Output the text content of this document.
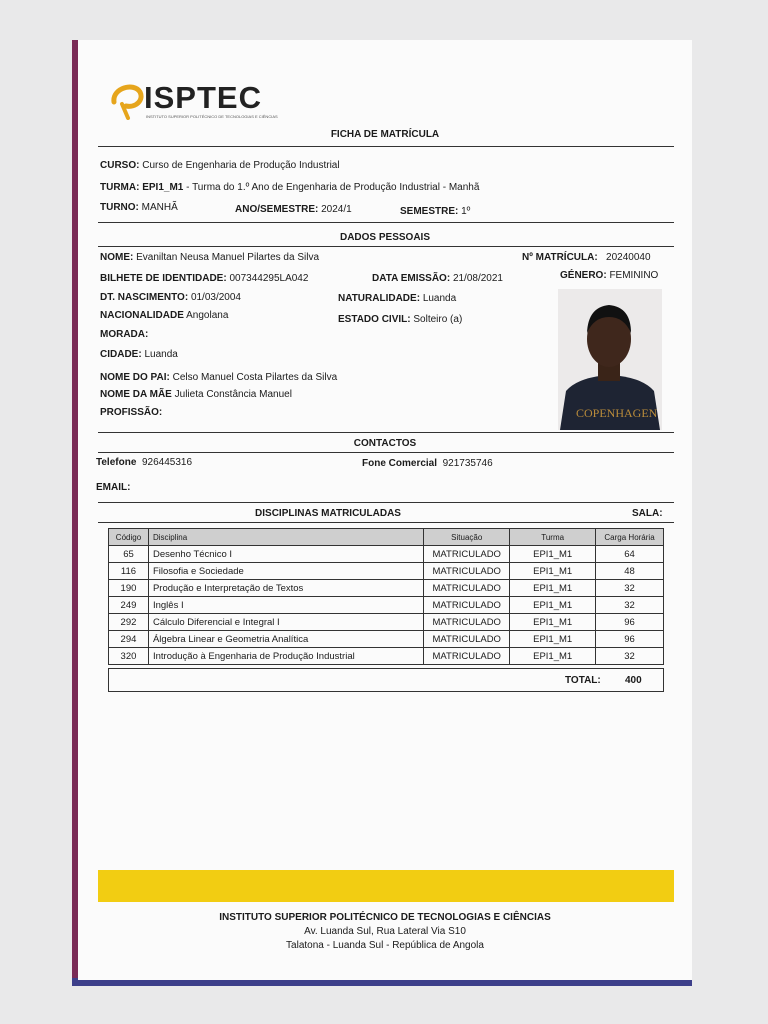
ISPTEC
INSTITUTO SUPERIOR POLITÉCNICO DE TECNOLOGIAS E CIÊNCIAS
FICHA DE MATRÍCULA
CURSO: Curso de Engenharia de Produção Industrial
TURMA: EPI1_M1 - Turma do 1.º Ano de Engenharia de Produção Industrial - Manhã
TURNO: MANHÃ	ANO/SEMESTRE: 2024/1	SEMESTRE: 1º
DADOS PESSOAIS
NOME: Evaniltan Neusa Manuel Pilartes da Silva	Nº MATRÍCULA: 20240040
BILHETE DE IDENTIDADE: 007344295LA042	DATA EMISSÃO: 21/08/2021	GÉNERO: FEMININO
DT. NASCIMENTO: 01/03/2004	NATURALIDADE: Luanda
NACIONALIDADE Angolana	ESTADO CIVIL: Solteiro (a)
MORADA:
CIDADE: Luanda
NOME DO PAI: Celso Manuel Costa Pilartes da Silva
NOME DA MÃE Julieta Constância Manuel
PROFISSÃO:	COPENHAGEN
CONTACTOS
Telefone 926445316	Fone Comercial 921735746
EMAIL:
DISCIPLINAS MATRICULADAS	SALA:
Código	Disciplina	Situação	Turma	Carga Horária
65	Desenho Técnico I	MATRICULADO	EPI1_M1	64
116	Filosofia e Sociedade	MATRICULADO	EPI1_M1	48
190	Produção e Interpretação de Textos	MATRICULADO	EPI1_M1	32
249	Inglês I	MATRICULADO	EPI1_M1	32
292	Cálculo Diferencial e Integral I	MATRICULADO	EPI1_M1	96
294	Álgebra Linear e Geometria Analítica	MATRICULADO	EPI1_M1	96
320	Introdução à Engenharia de Produção Industrial	MATRICULADO	EPI1_M1	32
TOTAL: 400
INSTITUTO SUPERIOR POLITÉCNICO DE TECNOLOGIAS E CIÊNCIAS
Av. Luanda Sul, Rua Lateral Via S10
Talatona - Luanda Sul - República de Angola
